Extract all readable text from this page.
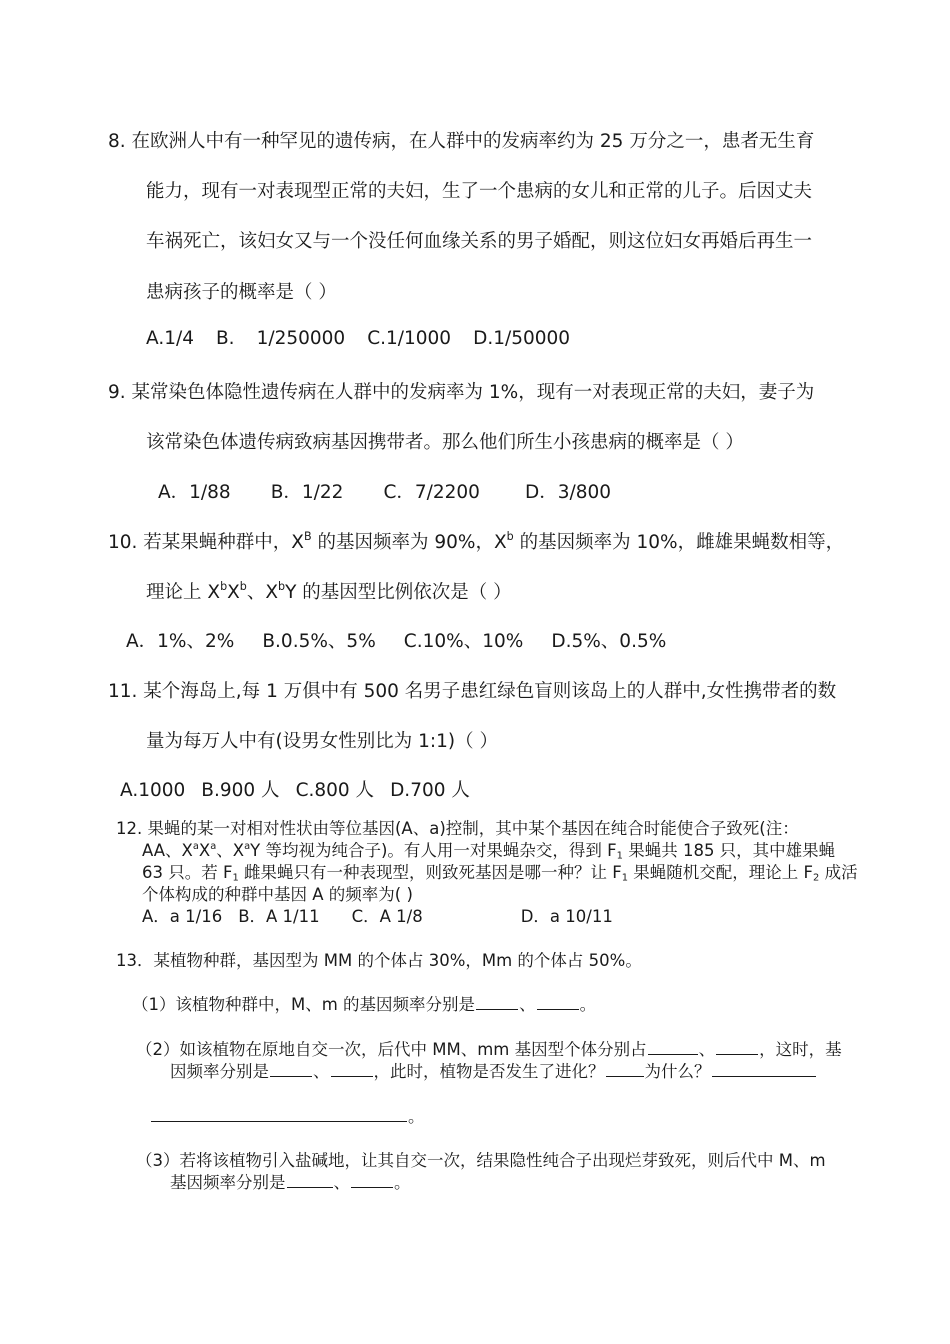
8. 在欧洲人中有一种罕见的遗传病，在人群中的发病率约为 25 万分之一，患者无生育
能力，现有一对表现型正常的夫妇，生了一个患病的女儿和正常的儿子。后因丈夫
车祸死亡，该妇女又与一个没任何血缘关系的男子婚配，则这位妇女再婚后再生一
患病孩子的概率是（ ）
A.1/4 B. 1/250000 C.1/1000 D.1/50000
9. 某常染色体隐性遗传病在人群中的发病率为 1%，现有一对表现正常的夫妇，妻子为
该常染色体遗传病致病基因携带者。那么他们所生小孩患病的概率是（ ）
A．1/88 B．1/22 C．7/2200 D．3/800
10. 若某果蝇种群中，$X^B$ 的基因频率为 90%，$X^b$ 的基因频率为 10%，雌雄果蝇数相等，
理论上 $X^bX^b$、$X^bY$ 的基因型比例依次是（ ）
A．1%、2% B.0.5%、5% C.10%、10% D.5%、0.5%
11. 某个海岛上,每 1 万俱中有 500 名男子患红绿色盲则该岛上的人群中,女性携带者的数
量为每万人中有(设男女性别比为 1:1)（ ）
A.1000 B.900 人 C.800 人 D.700 人
12. 果蝇的某一对相对性状由等位基因(A、a)控制，其中某个基因在纯合时能使合子致死(注：
AA、$X^aX^a$、$X^aY$ 等均视为纯合子)。有人用一对果蝇杂交，得到 $F_1$ 果蝇共 185 只，其中雄果蝇
63 只。若 $F_1$ 雌果蝇只有一种表现型，则致死基因是哪一种？让 $F_1$ 果蝇随机交配，理论上 $F_2$ 成活
个体构成的种群中基因 A 的频率为( )
A．a 1/16 B．A 1/11 C．A 1/8	D．a 10/11
13．某植物种群，基因型为 MM 的个体占 30%，Mm 的个体占 50%。
（1）该植物种群中，M、m 的基因频率分别是	、	。
（2）如该植物在原地自交一次，后代中 MM、mm 基因型个体分别占	、	，这时，基
因频率分别是	、	，此时，植物是否发生了进化？ 为什么？
。
（3）若将该植物引入盐碱地，让其自交一次，结果隐性纯合子出现烂芽致死，则后代中 M、m
基因频率分别是	、	。
